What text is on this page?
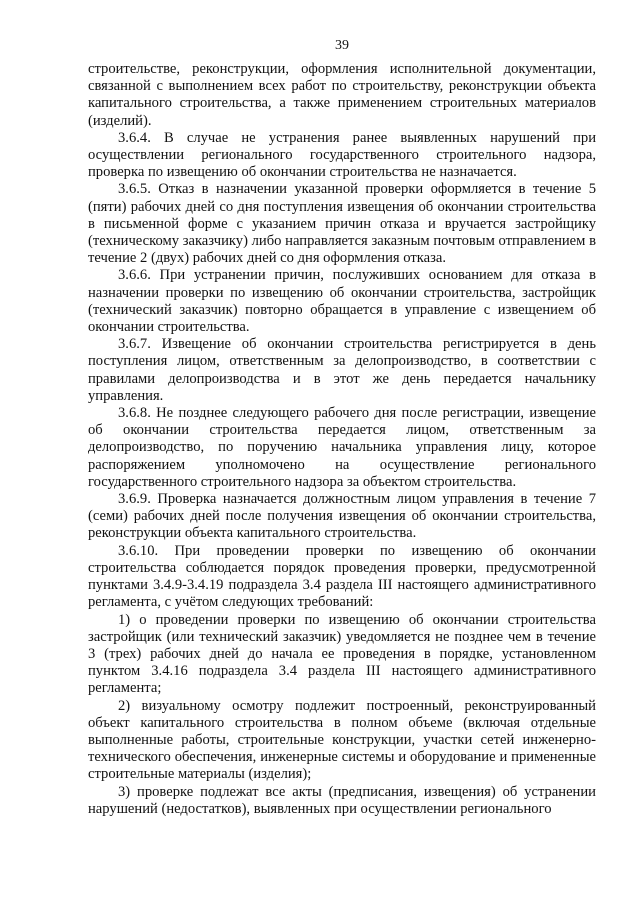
39

строительстве, реконструкции, оформления исполнительной документации, связанной с выполнением всех работ по строительству, реконструкции объекта капитального строительства, а также применением строительных материалов (изделий).

3.6.4. В случае не устранения ранее выявленных нарушений при осуществлении регионального государственного строительного надзора, проверка по извещению об окончании строительства не назначается.

3.6.5. Отказ в назначении указанной проверки оформляется в течение 5 (пяти) рабочих дней со дня поступления извещения об окончании строительства в письменной форме с указанием причин отказа и вручается застройщику (техническому заказчику) либо направляется заказным почтовым отправлением в течение 2 (двух) рабочих дней со дня оформления отказа.

3.6.6. При устранении причин, послуживших основанием для отказа в назначении проверки по извещению об окончании строительства, застройщик (технический заказчик) повторно обращается в управление с извещением об окончании строительства.

3.6.7. Извещение об окончании строительства регистрируется в день поступления лицом, ответственным за делопроизводство, в соответствии с правилами делопроизводства и в этот же день передается начальнику управления.

3.6.8. Не позднее следующего рабочего дня после регистрации, извещение об окончании строительства передается лицом, ответственным за делопроизводство, по поручению начальника управления лицу, которое распоряжением уполномочено на осуществление регионального государственного строительного надзора за объектом строительства.

3.6.9. Проверка назначается должностным лицом управления в течение 7 (семи) рабочих дней после получения извещения об окончании строительства, реконструкции объекта капитального строительства.

3.6.10. При проведении проверки по извещению об окончании строительства соблюдается порядок проведения проверки, предусмотренной пунктами 3.4.9-3.4.19 подраздела 3.4 раздела III настоящего административного регламента, с учётом следующих требований:

1) о проведении проверки по извещению об окончании строительства застройщик (или технический заказчик) уведомляется не позднее чем в течение 3 (трех) рабочих дней до начала ее проведения в порядке, установленном пунктом 3.4.16 подраздела 3.4 раздела III настоящего административного регламента;

2) визуальному осмотру подлежит построенный, реконструированный объект капитального строительства в полном объеме (включая отдельные выполненные работы, строительные конструкции, участки сетей инженерно-технического обеспечения, инженерные системы и оборудование и примененные строительные материалы (изделия);

3) проверке подлежат все акты (предписания, извещения) об устранении нарушений (недостатков), выявленных при осуществлении регионального
